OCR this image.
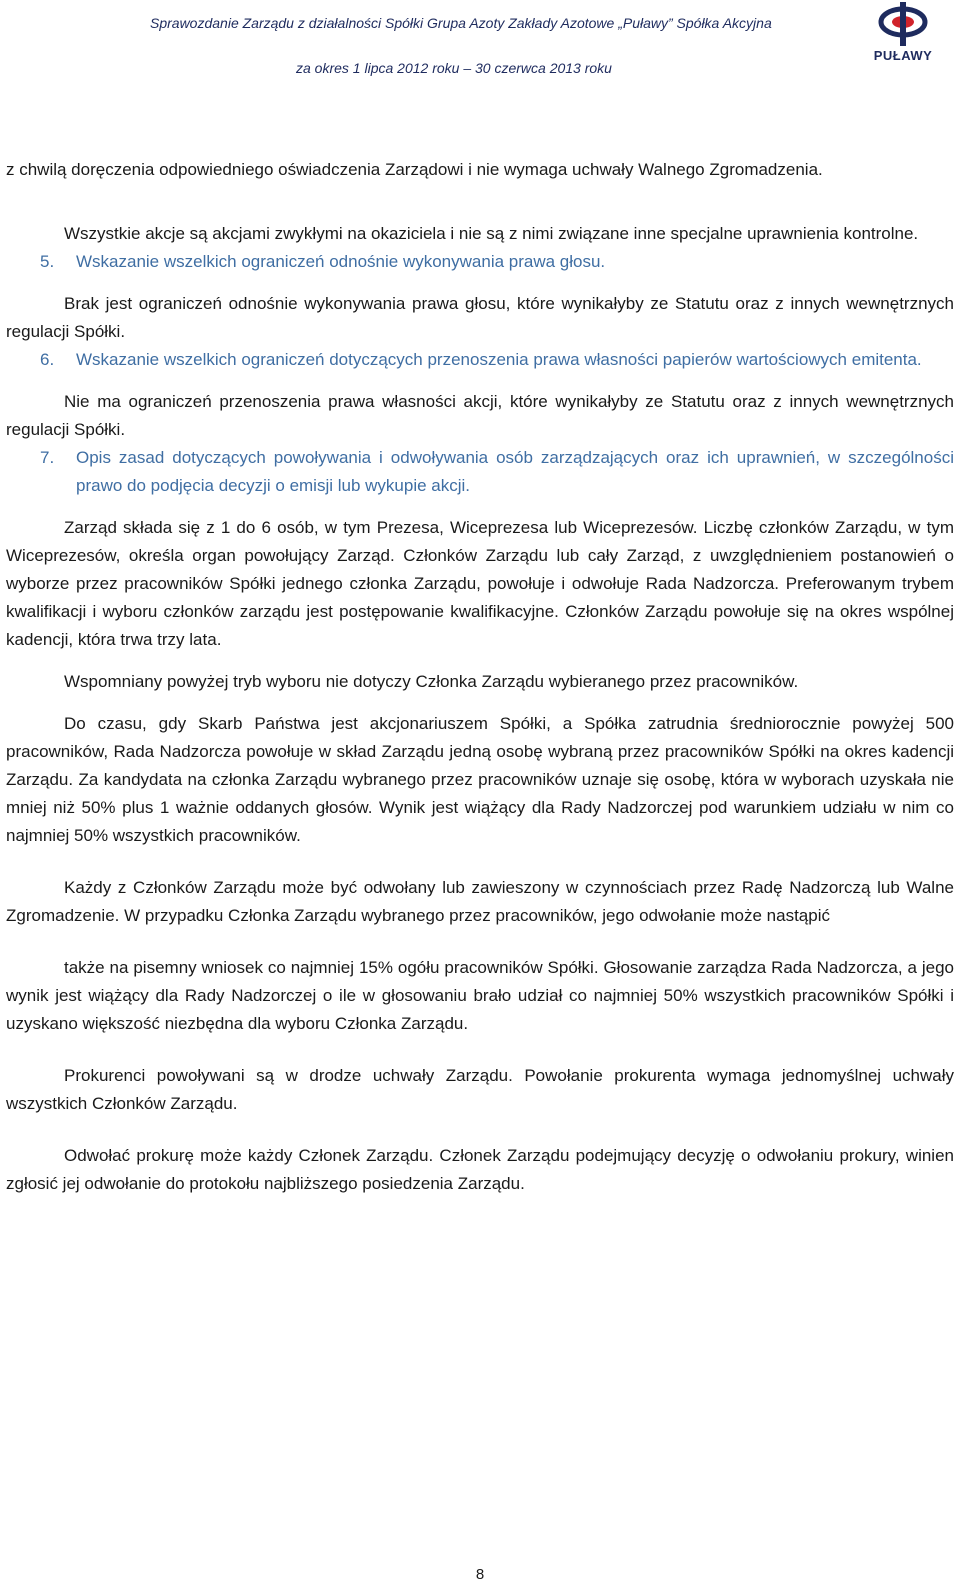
Sprawozdanie Zarządu z działalności Spółki Grupa Azoty Zakłady Azotowe „Puławy” Spółka Akcyjna
za okres 1 lipca 2012 roku – 30 czerwca 2013 roku
PUŁAWY

z chwilą doręczenia odpowiedniego oświadczenia Zarządowi i nie wymaga uchwały Walnego Zgromadzenia.

Wszystkie akcje są akcjami zwykłymi na okaziciela i nie są z nimi związane inne specjalne uprawnienia kontrolne.

5.	Wskazanie wszelkich ograniczeń odnośnie wykonywania prawa głosu.

Brak jest ograniczeń odnośnie wykonywania prawa głosu, które wynikałyby ze Statutu oraz z innych wewnętrznych regulacji Spółki.

6.	Wskazanie wszelkich ograniczeń dotyczących przenoszenia prawa własności papierów wartościowych emitenta.

Nie ma ograniczeń przenoszenia prawa własności akcji, które wynikałyby ze Statutu oraz z innych wewnętrznych regulacji Spółki.

7.	Opis zasad dotyczących powoływania i odwoływania osób zarządzających oraz ich uprawnień, w szczególności prawo do podjęcia decyzji o emisji lub wykupie akcji.

Zarząd składa się z 1 do 6 osób, w tym Prezesa, Wiceprezesa lub Wiceprezesów. Liczbę członków Zarządu, w tym Wiceprezesów, określa organ powołujący Zarząd. Członków Zarządu lub cały Zarząd, z uwzględnieniem postanowień o wyborze przez pracowników Spółki jednego członka Zarządu, powołuje i odwołuje Rada Nadzorcza. Preferowanym trybem kwalifikacji i wyboru członków zarządu jest postępowanie kwalifikacyjne. Członków Zarządu powołuje się na okres wspólnej kadencji, która trwa trzy lata.

Wspomniany powyżej tryb wyboru nie dotyczy Członka Zarządu wybieranego przez pracowników.

Do czasu, gdy Skarb Państwa jest akcjonariuszem Spółki, a Spółka zatrudnia średniorocznie powyżej 500 pracowników, Rada Nadzorcza powołuje w skład Zarządu jedną osobę wybraną przez pracowników Spółki na okres kadencji Zarządu. Za kandydata na członka Zarządu wybranego przez pracowników uznaje się osobę, która w wyborach uzyskała nie mniej niż 50% plus 1 ważnie oddanych głosów. Wynik jest wiążący dla Rady Nadzorczej pod warunkiem udziału w nim co najmniej 50% wszystkich pracowników.

Każdy z Członków Zarządu może być odwołany lub zawieszony w czynnościach przez Radę Nadzorczą lub Walne Zgromadzenie. W przypadku Członka Zarządu wybranego przez pracowników, jego odwołanie może nastąpić

także na pisemny wniosek co najmniej 15% ogółu pracowników Spółki. Głosowanie zarządza Rada Nadzorcza, a jego wynik jest wiążący dla Rady Nadzorczej o ile w głosowaniu brało udział co najmniej 50% wszystkich pracowników Spółki i uzyskano większość niezbędna dla wyboru Członka Zarządu.

Prokurenci powoływani są w drodze uchwały Zarządu. Powołanie prokurenta wymaga jednomyślnej uchwały wszystkich Członków Zarządu.

Odwołać prokurę może każdy Członek Zarządu. Członek Zarządu podejmujący decyzję o odwołaniu prokury, winien zgłosić jej odwołanie do protokołu najbliższego posiedzenia Zarządu.

8
